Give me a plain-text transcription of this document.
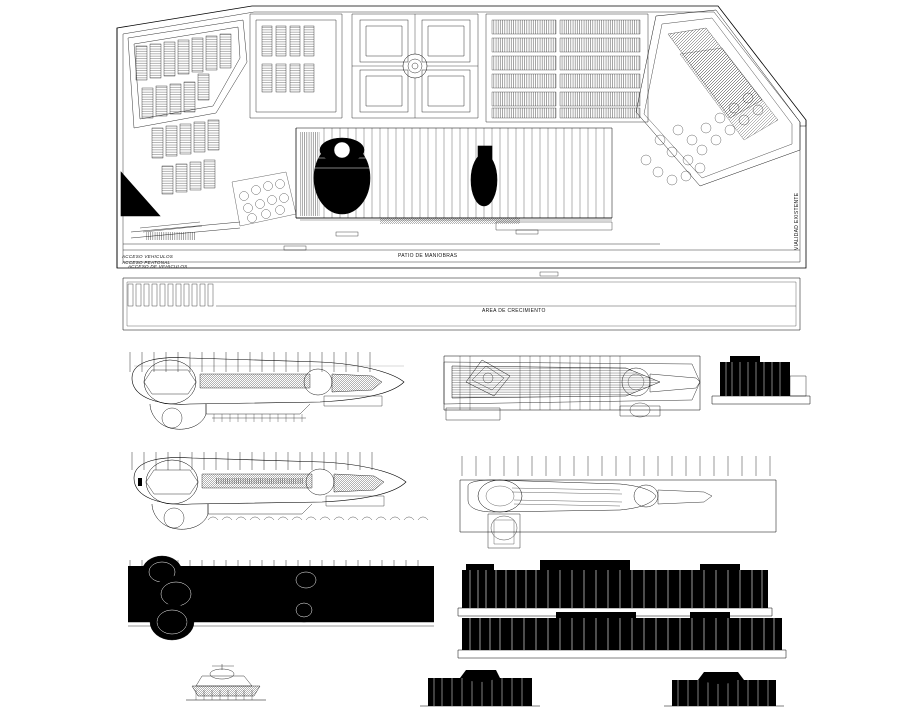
PATIO DE MANIOBRAS
AREA DE CRECIMIENTO
VIALIDAD EXISTENTE
ACCESO VEHICULOS
ACCESO PEATONAL
ACCESO DE VEHICULOS
